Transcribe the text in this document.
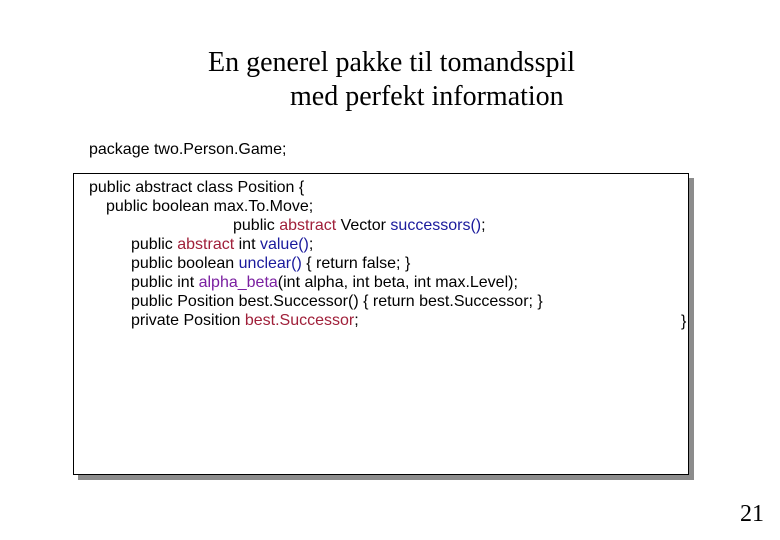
En generel pakke til tomandsspil
med perfekt information
package two.Person.Game;
public abstract class Position {
public boolean max.To.Move;
public abstract Vector successors();
public abstract int value();
public boolean unclear() { return false; }
public int alpha_beta(int alpha, int beta, int max.Level);
public Position best.Successor() { return best.Successor; }
private Position best.Successor;	}
21
